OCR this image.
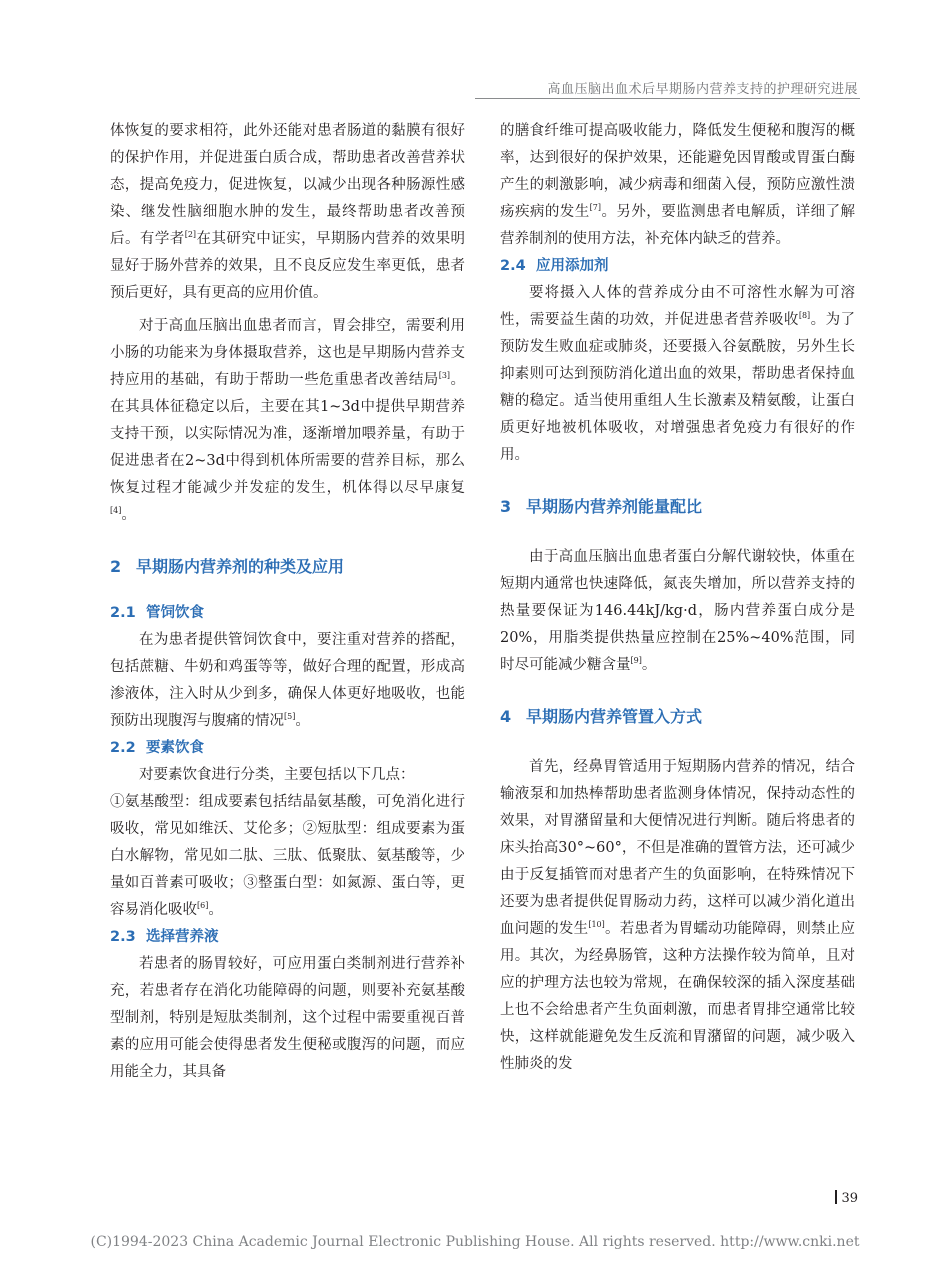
高血压脑出血术后早期肠内营养支持的护理研究进展

体恢复的要求相符，此外还能对患者肠道的黏膜有很好的保护作用，并促进蛋白质合成，帮助患者改善营养状态，提高免疫力，促进恢复，以减少出现各种肠源性感染、继发性脑细胞水肿的发生，最终帮助患者改善预后。有学者[2]在其研究中证实，早期肠内营养的效果明显好于肠外营养的效果，且不良反应发生率更低，患者预后更好，具有更高的应用价值。

对于高血压脑出血患者而言，胃会排空，需要利用小肠的功能来为身体摄取营养，这也是早期肠内营养支持应用的基础，有助于帮助一些危重患者改善结局[3]。在其具体征稳定以后，主要在其1~3d中提供早期营养支持干预，以实际情况为准，逐渐增加喂养量，有助于促进患者在2~3d中得到机体所需要的营养目标，那么恢复过程才能减少并发症的发生，机体得以尽早康复[4]。

2 早期肠内营养剂的种类及应用
2.1 管饲饮食

在为患者提供管饲饮食中，要注重对营养的搭配，包括蔗糖、牛奶和鸡蛋等等，做好合理的配置，形成高渗液体，注入时从少到多，确保人体更好地吸收，也能预防出现腹泻与腹痛的情况[5]。

2.2 要素饮食

对要素饮食进行分类，主要包括以下几点：

①氨基酸型：组成要素包括结晶氨基酸，可免消化进行吸收，常见如维沃、艾伦多；②短肽型：组成要素为蛋白水解物，常见如二肽、三肽、低聚肽、氨基酸等，少量如百普素可吸收；③整蛋白型：如氮源、蛋白等，更容易消化吸收[6]。

2.3 选择营养液

若患者的肠胃较好，可应用蛋白类制剂进行营养补充，若患者存在消化功能障碍的问题，则要补充氨基酸型制剂，特别是短肽类制剂，这个过程中需要重视百普素的应用可能会使得患者发生便秘或腹泻的问题，而应用能全力，其具备

的膳食纤维可提高吸收能力，降低发生便秘和腹泻的概率，达到很好的保护效果，还能避免因胃酸或胃蛋白酶产生的刺激影响，减少病毒和细菌入侵，预防应激性溃疡疾病的发生[7]。另外，要监测患者电解质，详细了解营养制剂的使用方法，补充体内缺乏的营养。

2.4 应用添加剂

要将摄入人体的营养成分由不可溶性水解为可溶性，需要益生菌的功效，并促进患者营养吸收[8]。为了预防发生败血症或肺炎，还要摄入谷氨酰胺，另外生长抑素则可达到预防消化道出血的效果，帮助患者保持血糖的稳定。适当使用重组人生长激素及精氨酸，让蛋白质更好地被机体吸收，对增强患者免疫力有很好的作用。

3 早期肠内营养剂能量配比

由于高血压脑出血患者蛋白分解代谢较快，体重在短期内通常也快速降低，氮丧失增加，所以营养支持的热量要保证为146.44kJ/kg·d，肠内营养蛋白成分是20%，用脂类提供热量应控制在25%~40%范围，同时尽可能减少糖含量[9]。

4 早期肠内营养管置入方式

首先，经鼻胃管适用于短期肠内营养的情况，结合输液泵和加热棒帮助患者监测身体情况，保持动态性的效果，对胃潴留量和大便情况进行判断。随后将患者的床头抬高30°~60°，不但是准确的置管方法，还可减少由于反复插管而对患者产生的负面影响，在特殊情况下还要为患者提供促胃肠动力药，这样可以减少消化道出血问题的发生[10]。若患者为胃蠕动功能障碍，则禁止应用。其次，为经鼻肠管，这种方法操作较为简单，且对应的护理方法也较为常规，在确保较深的插入深度基础上也不会给患者产生负面刺激，而患者胃排空通常比较快，这样就能避免发生反流和胃潴留的问题，减少吸入性肺炎的发

39
(C)1994-2023 China Academic Journal Electronic Publishing House. All rights reserved. http://www.cnki.net
